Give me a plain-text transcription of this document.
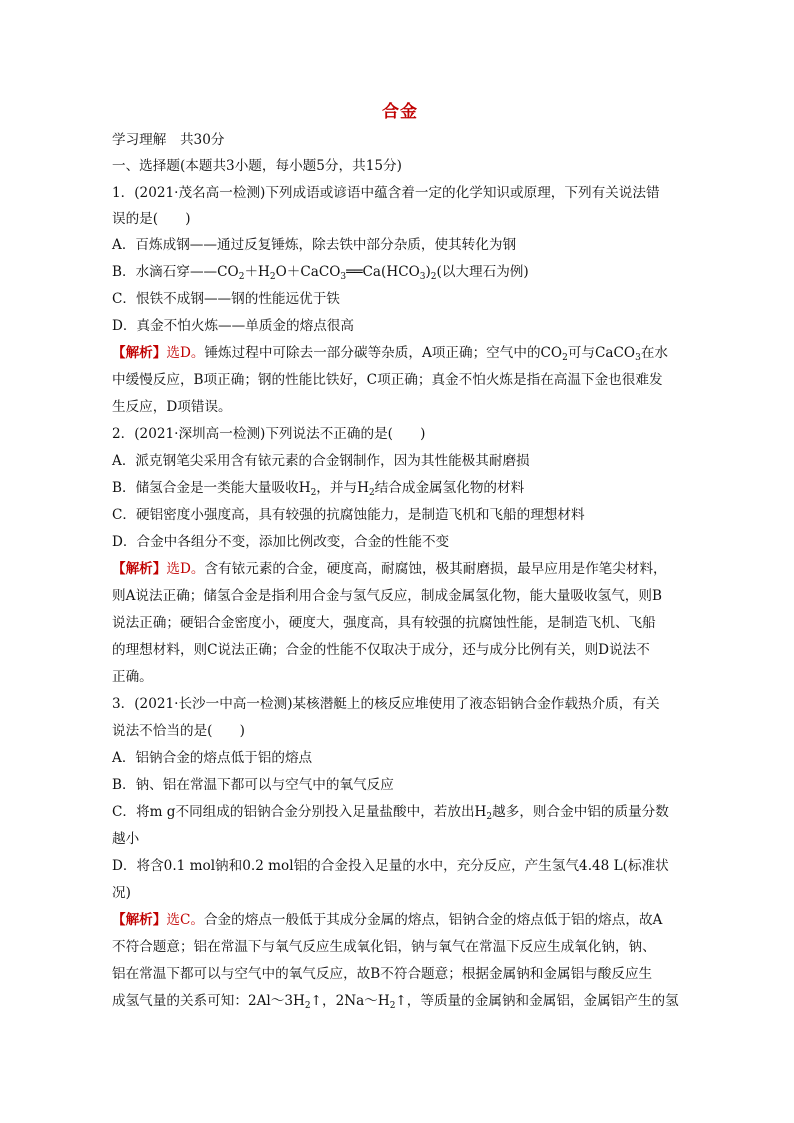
合金
学习理解　共30分
一、选择题(本题共3小题，每小题5分，共15分)
1．(2021·茂名高一检测)下列成语或谚语中蕴含着一定的化学知识或原理，下列有关说法错
误的是(　　)
A．百炼成钢——通过反复锤炼，除去铁中部分杂质，使其转化为钢
B．水滴石穿$——CO_2+H_2O+CaCO_3══Ca(HCO_3)_2$(以大理石为例)
C．恨铁不成钢——钢的性能远优于铁
D．真金不怕火炼——单质金的熔点很高
【解析】选D。锤炼过程中可除去一部分碳等杂质，A项正确；空气中的$CO_2$可与CaCO$_3$在水
中缓慢反应，B项正确；钢的性能比铁好，C项正确；真金不怕火炼是指在高温下金也很难发
生反应，D项错误。
2．(2021·深圳高一检测)下列说法不正确的是(　　)
A．派克钢笔尖采用含有铱元素的合金钢制作，因为其性能极其耐磨损
B．储氢合金是一类能大量吸收$H_2$，并与$H_2$结合成金属氢化物的材料
C．硬铝密度小强度高，具有较强的抗腐蚀能力，是制造飞机和飞船的理想材料
D．合金中各组分不变，添加比例改变，合金的性能不变
【解析】选D。含有铱元素的合金，硬度高，耐腐蚀，极其耐磨损，最早应用是作笔尖材料，
则A说法正确；储氢合金是指利用合金与氢气反应，制成金属氢化物，能大量吸收氢气，则B
说法正确；硬铝合金密度小，硬度大，强度高，具有较强的抗腐蚀性能，是制造飞机、飞船
的理想材料，则C说法正确；合金的性能不仅取决于成分，还与成分比例有关，则D说法不
正确。
3．(2021·长沙一中高一检测)某核潜艇上的核反应堆使用了液态铝钠合金作载热介质，有关
说法不恰当的是(　　)
A．铝钠合金的熔点低于铝的熔点
B．钠、铝在常温下都可以与空气中的氧气反应
C．将m g不同组成的铝钠合金分别投入足量盐酸中，若放出$H_2$越多，则合金中铝的质量分数
越小
D．将含0.1 mol钠和0.2 mol铝的合金投入足量的水中，充分反应，产生氢气4.48 L(标准状
况)
【解析】选C。合金的熔点一般低于其成分金属的熔点，铝钠合金的熔点低于铝的熔点，故A
不符合题意；铝在常温下与氧气反应生成氧化铝，钠与氧气在常温下反应生成氧化钠，钠、
铝在常温下都可以与空气中的氧气反应，故B不符合题意；根据金属钠和金属铝与酸反应生
成氢气量的关系可知：$2Al\sim 3H_2↑$，$2Na\sim H_2↑$，等质量的金属钠和金属铝，金属铝产生的氢
